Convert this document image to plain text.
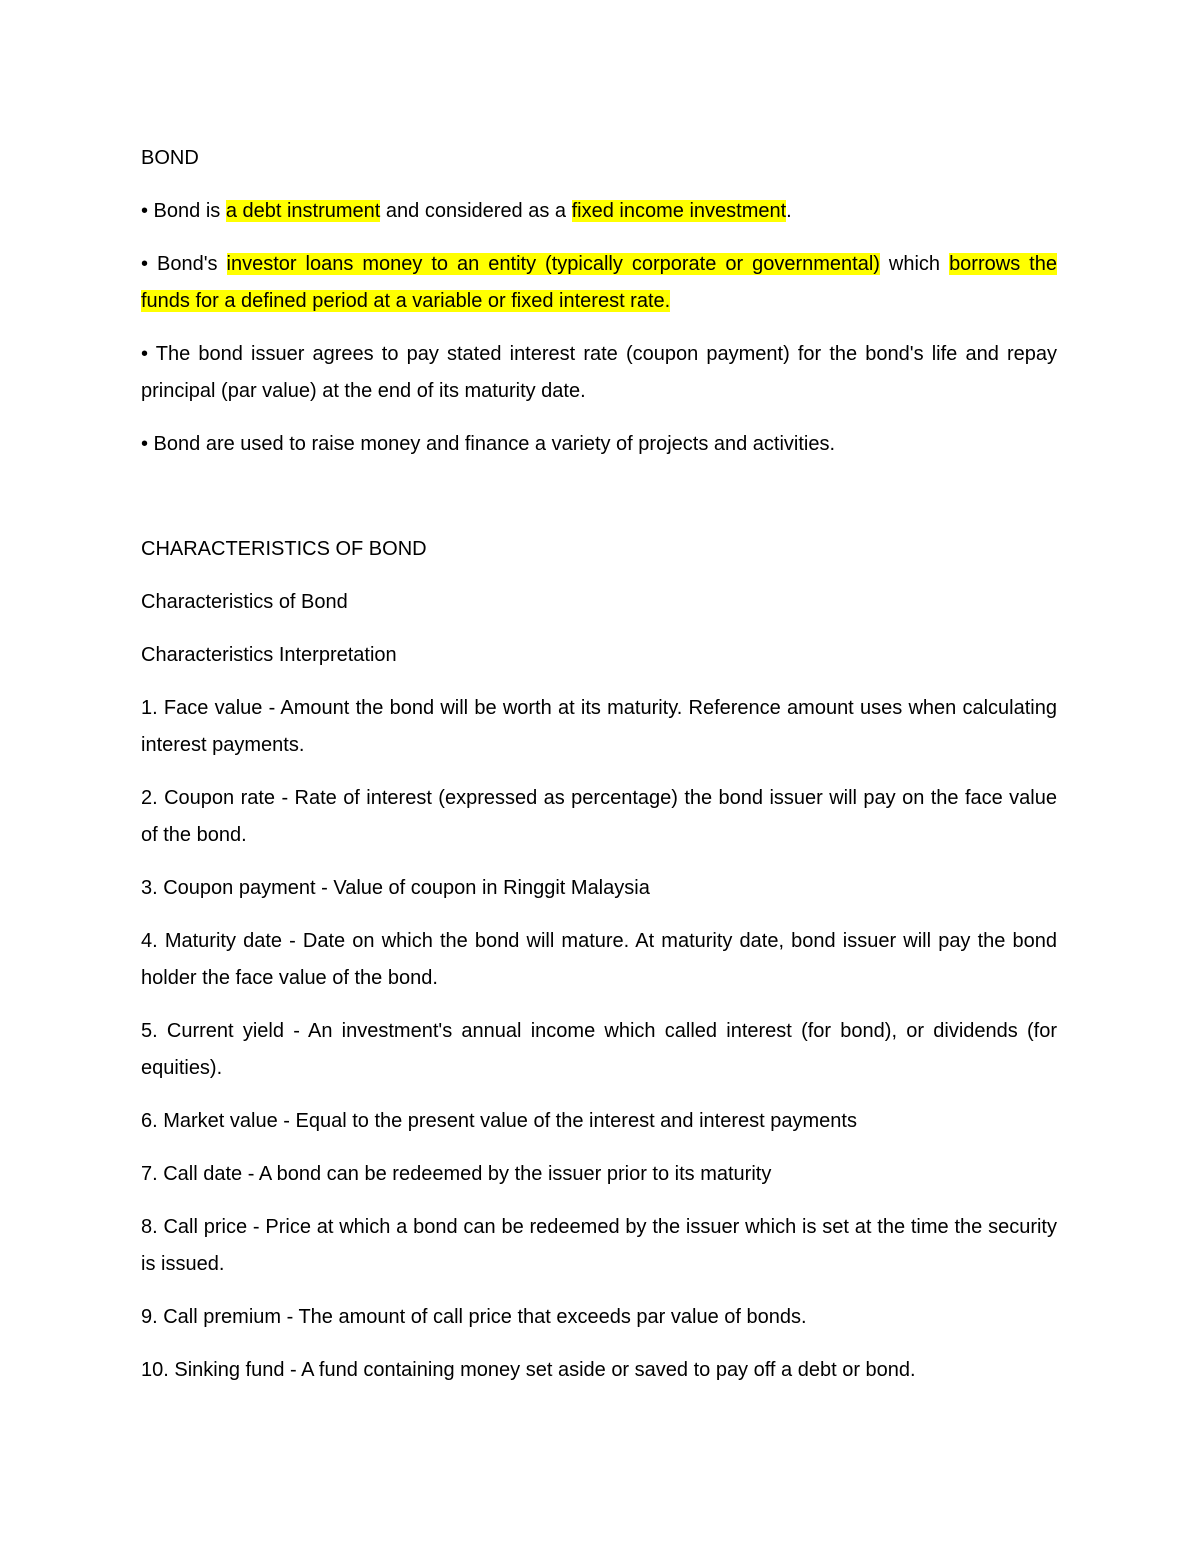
BOND

• Bond is a debt instrument and considered as a fixed income investment.

• Bond's investor loans money to an entity (typically corporate or governmental) which borrows the funds for a defined period at a variable or fixed interest rate.

• The bond issuer agrees to pay stated interest rate (coupon payment) for the bond's life and repay principal (par value) at the end of its maturity date.

• Bond are used to raise money and finance a variety of projects and activities.

CHARACTERISTICS OF BOND

Characteristics of Bond

Characteristics Interpretation

1. Face value - Amount the bond will be worth at its maturity. Reference amount uses when calculating interest payments.

2. Coupon rate - Rate of interest (expressed as percentage) the bond issuer will pay on the face value of the bond.

3. Coupon payment - Value of coupon in Ringgit Malaysia

4. Maturity date - Date on which the bond will mature. At maturity date, bond issuer will pay the bond holder the face value of the bond.

5. Current yield - An investment's annual income which called interest (for bond), or dividends (for equities).

6. Market value - Equal to the present value of the interest and interest payments

7. Call date - A bond can be redeemed by the issuer prior to its maturity

8. Call price - Price at which a bond can be redeemed by the issuer which is set at the time the security is issued.

9. Call premium - The amount of call price that exceeds par value of bonds.

10. Sinking fund - A fund containing money set aside or saved to pay off a debt or bond.
